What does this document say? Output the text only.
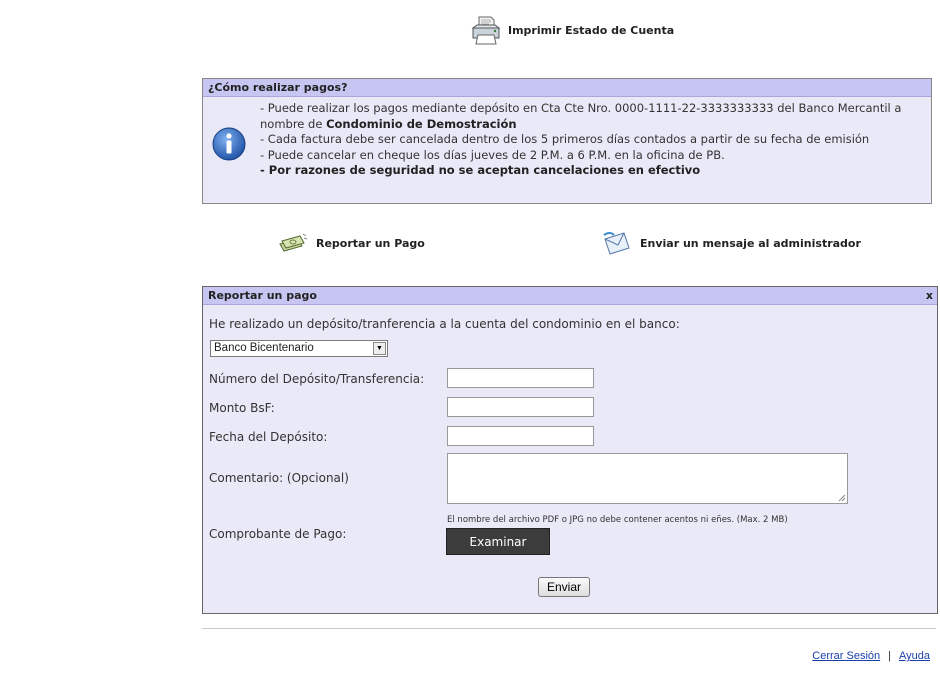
Imprimir Estado de Cuenta
¿Cómo realizar pagos?
- Puede realizar los pagos mediante depósito en Cta Cte Nro. 0000-1111-22-3333333333 del Banco Mercantil a
nombre de Condominio de Demostración
- Cada factura debe ser cancelada dentro de los 5 primeros días contados a partir de su fecha de emisión
- Puede cancelar en cheque los días jueves de 2 P.M. a 6 P.M. en la oficina de PB.
- Por razones de seguridad no se aceptan cancelaciones en efectivo
Reportar un Pago	Enviar un mensaje al administrador
Reportar un pago	x
He realizado un depósito/tranferencia a la cuenta del condominio en el banco:
Banco Bicentenario	▼
Número del Depósito/Transferencia:
Monto BsF:
Fecha del Depósito:
Comentario: (Opcional)
El nombre del archivo PDF o JPG no debe contener acentos ni eñes. (Max. 2 MB)
Comprobante de Pago:
Examinar
Enviar
Cerrar Sesión | Ayuda
